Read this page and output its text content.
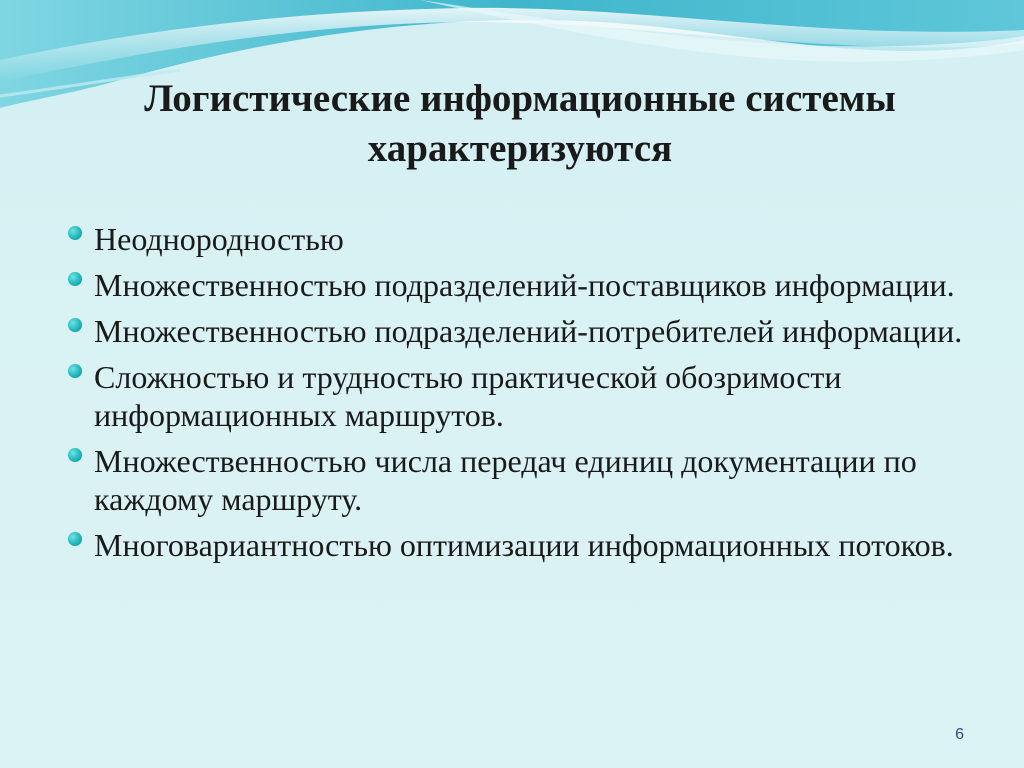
Логистические информационные системы
характеризуются
Неоднородностью
Множественностью подразделений-поставщиков информации.
Множественностью подразделений-потребителей информации.
Сложностью и трудностью практической обозримости информационных маршрутов.
Множественностью числа передач единиц документации по каждому маршруту.
Многовариантностью оптимизации информационных потоков.
6
